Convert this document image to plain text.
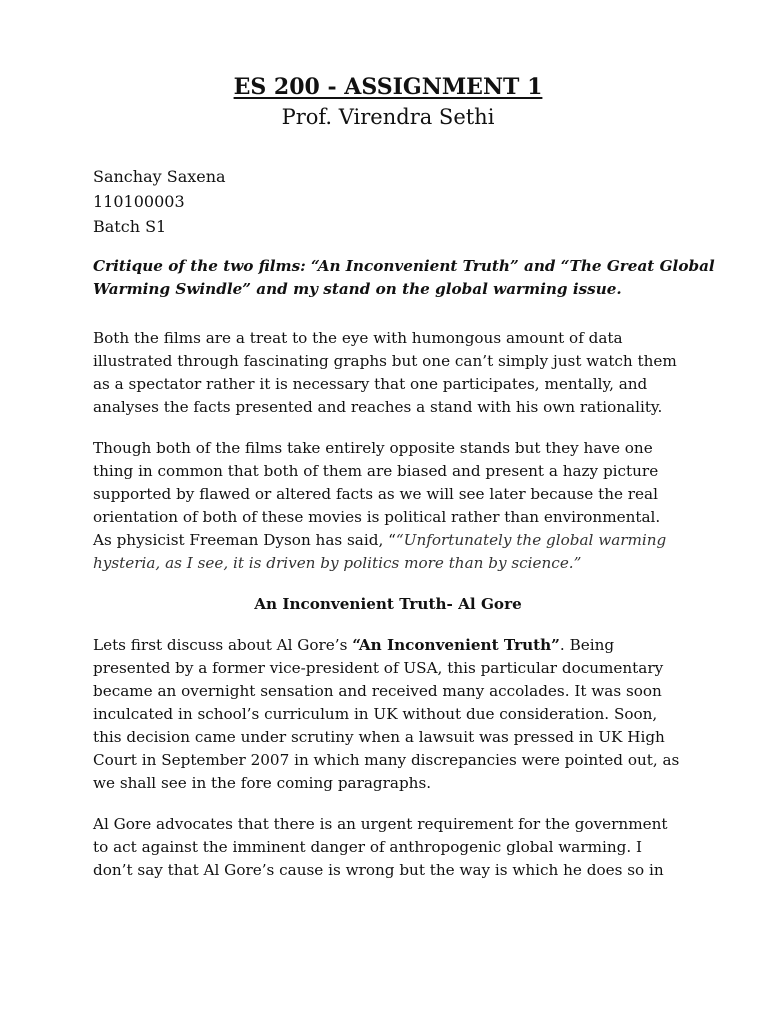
ES 200 - ASSIGNMENT 1
Prof. Virendra Sethi
Sanchay Saxena
110100003
Batch S1

Critique of the two films: “An Inconvenient Truth” and “The Great Global
Warming Swindle” and my stand on the global warming issue.

Both the films are a treat to the eye with humongous amount of data
illustrated through fascinating graphs but one can’t simply just watch them
as a spectator rather it is necessary that one participates, mentally, and
analyses the facts presented and reaches a stand with his own rationality.

Though both of the films take entirely opposite stands but they have one
thing in common that both of them are biased and present a hazy picture
supported by flawed or altered facts as we will see later because the real
orientation of both of these movies is political rather than environmental.
As physicist Freeman Dyson has said, ““Unfortunately the global warming
hysteria, as I see, it is driven by politics more than by science.”

An Inconvenient Truth- Al Gore

Lets first discuss about Al Gore’s “An Inconvenient Truth”. Being
presented by a former vice-president of USA, this particular documentary
became an overnight sensation and received many accolades. It was soon
inculcated in school’s curriculum in UK without due consideration. Soon,
this decision came under scrutiny when a lawsuit was pressed in UK High
Court in September 2007 in which many discrepancies were pointed out, as
we shall see in the fore coming paragraphs.

Al Gore advocates that there is an urgent requirement for the government
to act against the imminent danger of anthropogenic global warming. I
don’t say that Al Gore’s cause is wrong but the way is which he does so in
